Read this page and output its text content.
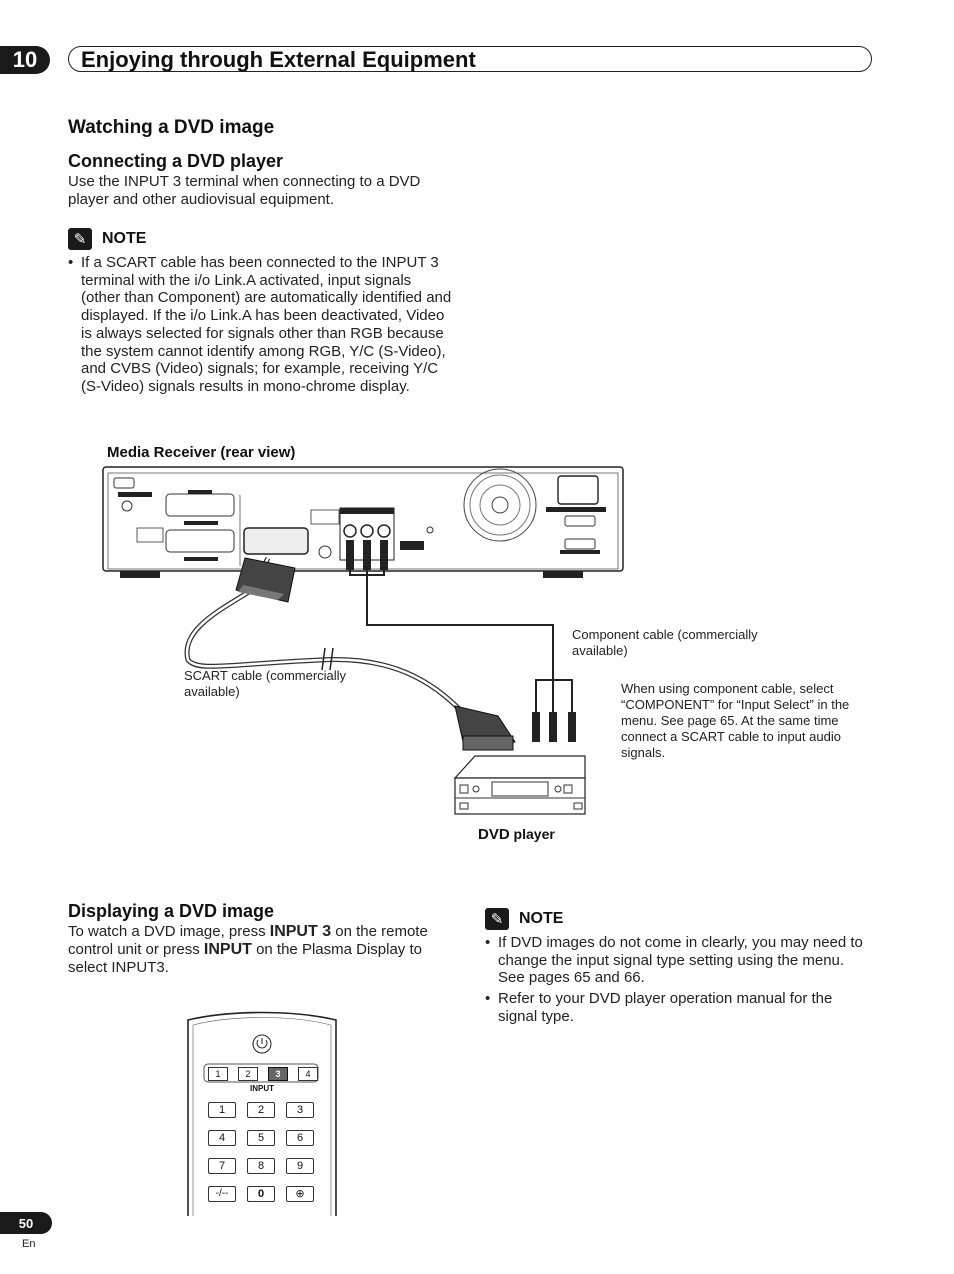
10	Enjoying through External Equipment
Watching a DVD image
Connecting a DVD player
Use the INPUT 3 terminal when connecting to a DVD player and other audiovisual equipment.
✎ NOTE
• If a SCART cable has been connected to the INPUT 3 terminal with the i/o Link.A activated, input signals (other than Component) are automatically identified and displayed. If the i/o Link.A has been deactivated, Video is always selected for signals other than RGB because the system cannot identify among RGB, Y/C (S-Video), and CVBS (Video) signals; for example, receiving Y/C (S-Video) signals results in mono-chrome display.
Media Receiver (rear view)
Component cable (commercially available)
SCART cable (commercially available)	When using component cable, select “COMPONENT” for “Input Select” in the menu. See page 65. At the same time connect a SCART cable to input audio signals.
DVD player
Displaying a DVD image
To watch a DVD image, press INPUT 3 on the remote control unit or press INPUT on the Plasma Display to select INPUT3.
✎ NOTE
• If DVD images do not come in clearly, you may need to change the input signal type setting using the menu. See pages 65 and 66.
• Refer to your DVD player operation manual for the signal type.
1	2	3	4
INPUT
1	2	3
4	5	6
7	8	9
-/--	0	⊕
50
En
